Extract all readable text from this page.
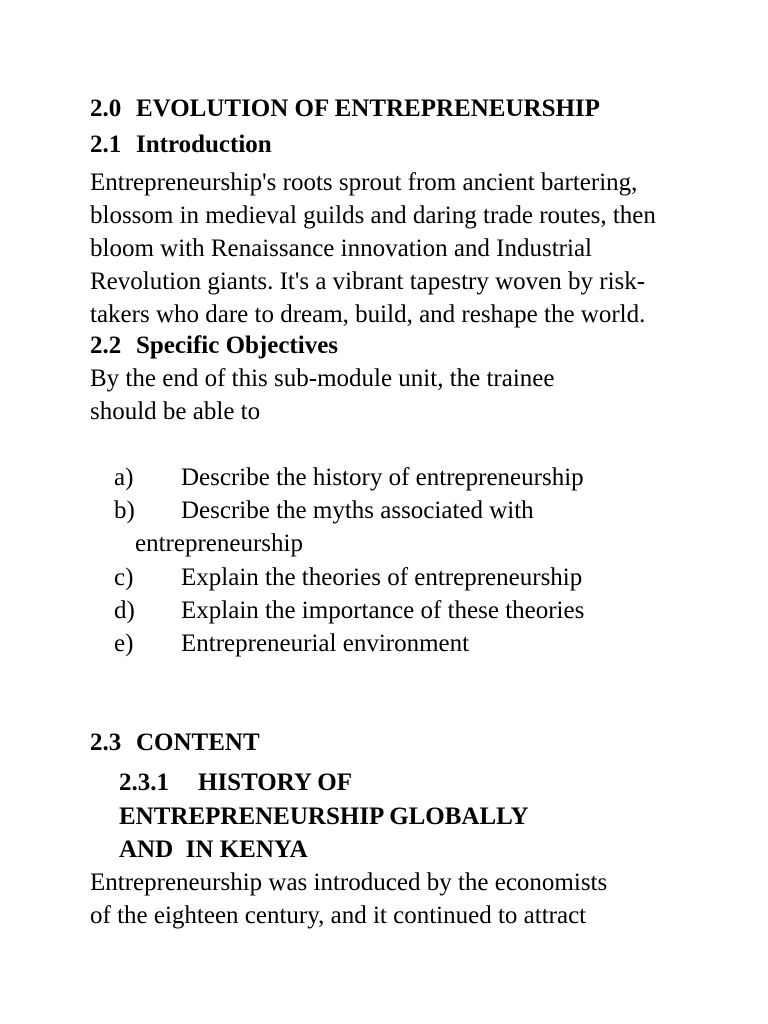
2.0 EVOLUTION OF ENTREPRENEURSHIP
2.1 Introduction
Entrepreneurship's roots sprout from ancient bartering,
blossom in medieval guilds and daring trade routes, then
bloom with Renaissance innovation and Industrial
Revolution giants. It's a vibrant tapestry woven by risk-
takers who dare to dream, build, and reshape the world.
2.2 Specific Objectives
By the end of this sub-module unit, the trainee
should be able to
a) Describe the history of entrepreneurship
b) Describe the myths associated with
entrepreneurship
c) Explain the theories of entrepreneurship
d) Explain the importance of these theories
e) Entrepreneurial environment
2.3 CONTENT
2.3.1 HISTORY OF
ENTREPRENEURSHIP GLOBALLY
AND IN KENYA
Entrepreneurship was introduced by the economists
of the eighteen century, and it continued to attract
